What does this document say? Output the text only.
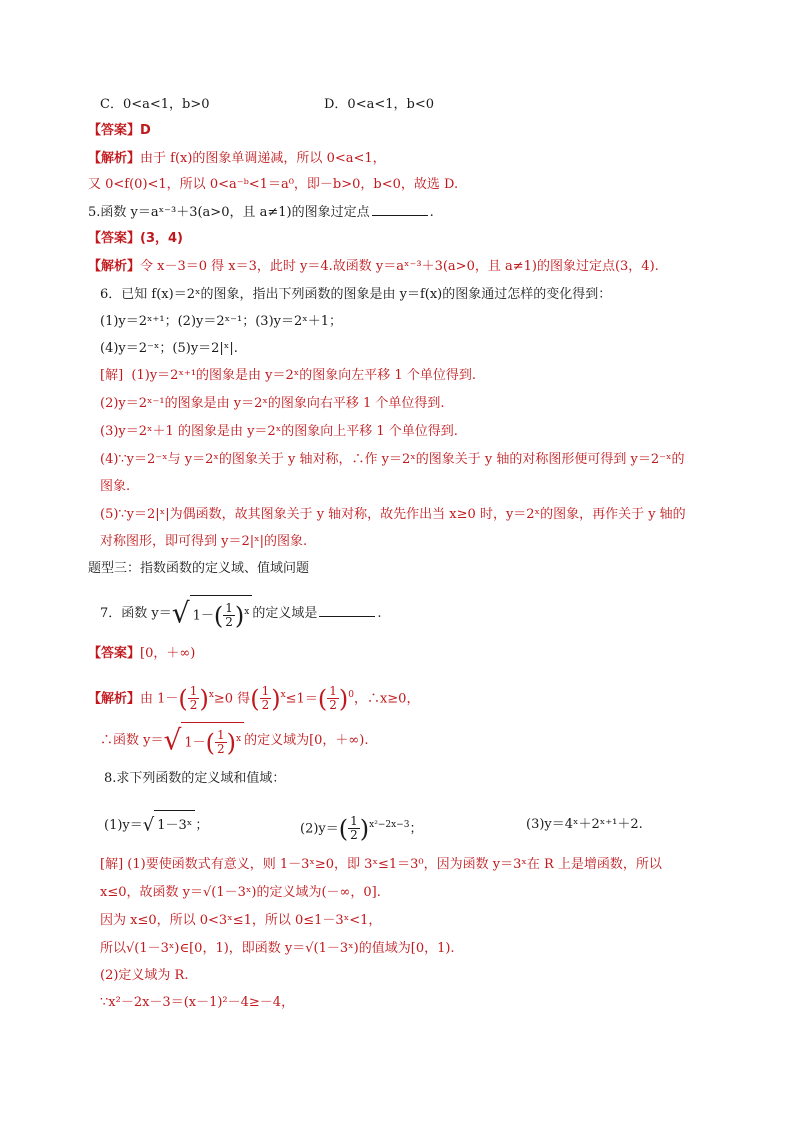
C．0<a<1，b>0	D．0<a<1，b<0
【答案】D
【解析】由于 f(x)的图象单调递减，所以 0<a<1，
又 0<f(0)<1，所以 0<a⁻ᵇ<1＝a⁰，即－b>0，b<0，故选 D.
5.函数 y＝aˣ⁻³＋3(a>0，且 a≠1)的图象过定点	.
【答案】(3，4)
【解析】令 x－3＝0 得 x＝3，此时 y＝4.故函数 y＝aˣ⁻³＋3(a>0，且 a≠1)的图象过定点(3，4).
6．已知 f(x)＝2ˣ的图象，指出下列函数的图象是由 y＝f(x)的图象通过怎样的变化得到：
(1)y＝2ˣ⁺¹；(2)y＝2ˣ⁻¹；(3)y＝2ˣ＋1；
(4)y＝2⁻ˣ；(5)y＝2|ˣ|.
[解] (1)y＝2ˣ⁺¹的图象是由 y＝2ˣ的图象向左平移 1 个单位得到.
(2)y＝2ˣ⁻¹的图象是由 y＝2ˣ的图象向右平移 1 个单位得到.
(3)y＝2ˣ＋1 的图象是由 y＝2ˣ的图象向上平移 1 个单位得到.
(4)∵y＝2⁻ˣ与 y＝2ˣ的图象关于 y 轴对称，∴作 y＝2ˣ的图象关于 y 轴的对称图形便可得到 y＝2⁻ˣ的
图象.
(5)∵y＝2|ˣ|为偶函数，故其图象关于 y 轴对称，故先作出当 x≥0 时，y＝2ˣ的图象，再作关于 y 轴的
对称图形，即可得到 y＝2|ˣ|的图象.
题型三：指数函数的定义域、值域问题
7．函数 y＝√ $1-( \frac{1}{2} )^x$ 的定义域是	.
【答案】[0，＋∞)
【解析】由 $1-( \frac{1}{2} )^x\ge 0$ 得( $\frac{1}{2} )^x\le 1=( \frac{1}{2} )^0$，∴x≥0，
∴函数 y＝√ $1-( \frac{1}{2} )^x$ 的定义域为[0，＋∞).
8.求下列函数的定义域和值域：
(1)y＝√ 1－3ˣ ；	$(2)y=( \frac{1}{2} )^{x^2-2x-3}$；	(3)y＝4ˣ＋2ˣ⁺¹＋2.
[解] (1)要使函数式有意义，则 1－3ˣ≥0，即 3ˣ≤1＝3⁰，因为函数 y＝3ˣ在 R 上是增函数，所以
x≤0，故函数 y＝√(1－3ˣ)的定义域为(－∞，0].
因为 x≤0，所以 0<3ˣ≤1，所以 0≤1－3ˣ<1，
所以√(1－3ˣ)∈[0，1)，即函数 y＝√(1－3ˣ)的值域为[0，1).
(2)定义域为 R.
∵x²－2x－3＝(x－1)²－4≥－4，
